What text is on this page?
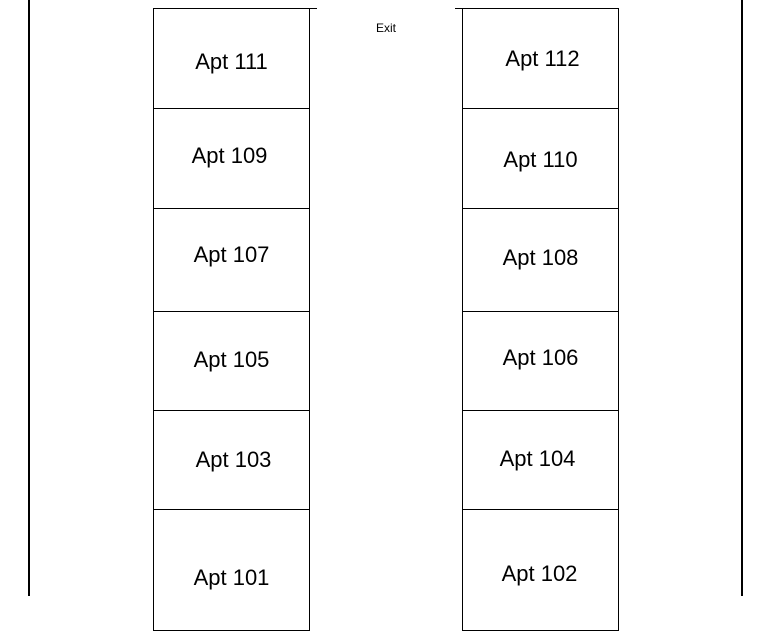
Exit
Apt 111
Apt 109
Apt 107
Apt 105
Apt 103
Apt 101
Apt 112
Apt 110
Apt 108
Apt 106
Apt 104
Apt 102
